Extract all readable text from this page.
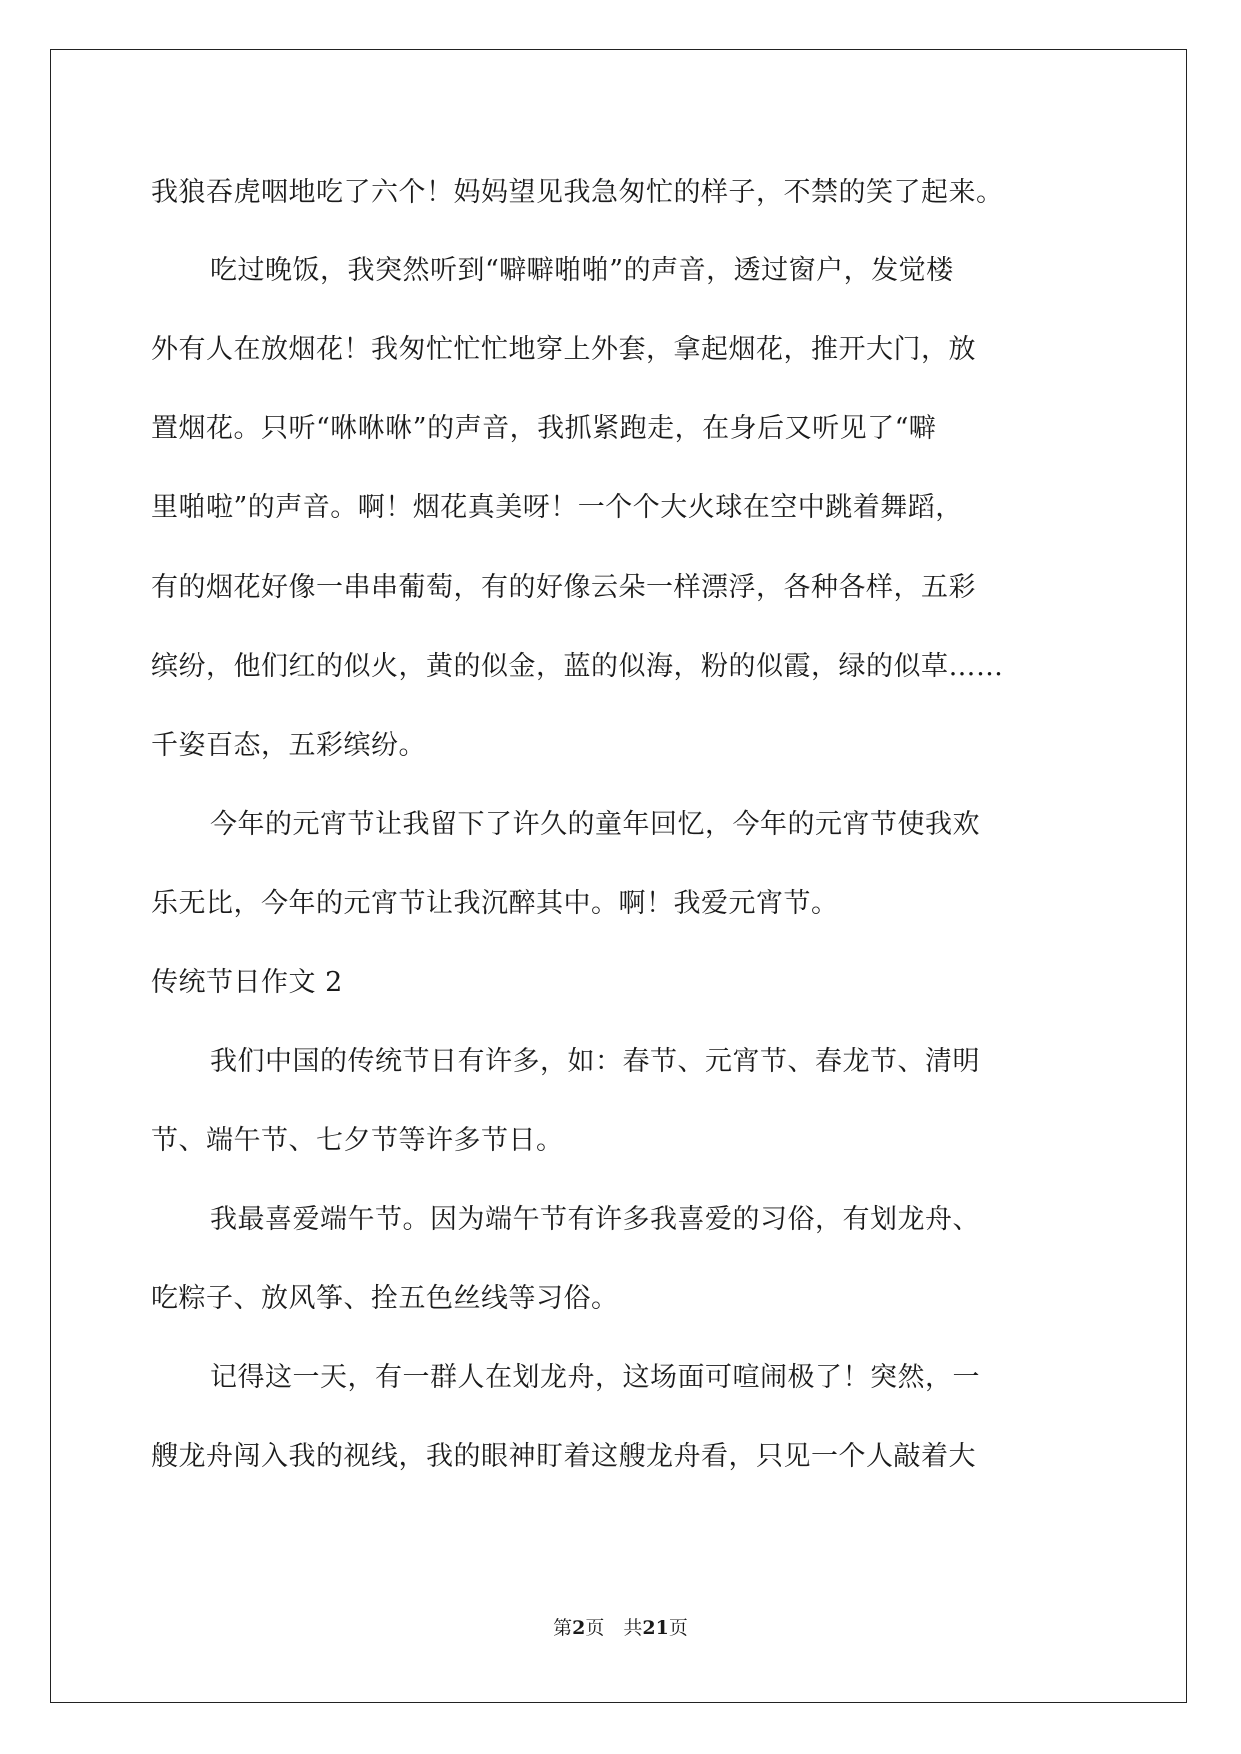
我狼吞虎咽地吃了六个！妈妈望见我急匆忙的样子，不禁的笑了起来。
吃过晚饭，我突然听到“噼噼啪啪”的声音，透过窗户，发觉楼
外有人在放烟花！我匆忙忙忙地穿上外套，拿起烟花，推开大门，放
置烟花。只听“咻咻咻”的声音，我抓紧跑走，在身后又听见了“噼
里啪啦”的声音。啊！烟花真美呀！一个个大火球在空中跳着舞蹈，
有的烟花好像一串串葡萄，有的好像云朵一样漂浮，各种各样，五彩
缤纷，他们红的似火，黄的似金，蓝的似海，粉的似霞，绿的似草……
千姿百态，五彩缤纷。
今年的元宵节让我留下了许久的童年回忆，今年的元宵节使我欢
乐无比，今年的元宵节让我沉醉其中。啊！我爱元宵节。
传统节日作文 2
我们中国的传统节日有许多，如：春节、元宵节、春龙节、清明
节、端午节、七夕节等许多节日。
我最喜爱端午节。因为端午节有许多我喜爱的习俗，有划龙舟、
吃粽子、放风筝、拴五色丝线等习俗。
记得这一天，有一群人在划龙舟，这场面可喧闹极了！突然，一
艘龙舟闯入我的视线，我的眼神盯着这艘龙舟看，只见一个人敲着大
第2页　共21页
